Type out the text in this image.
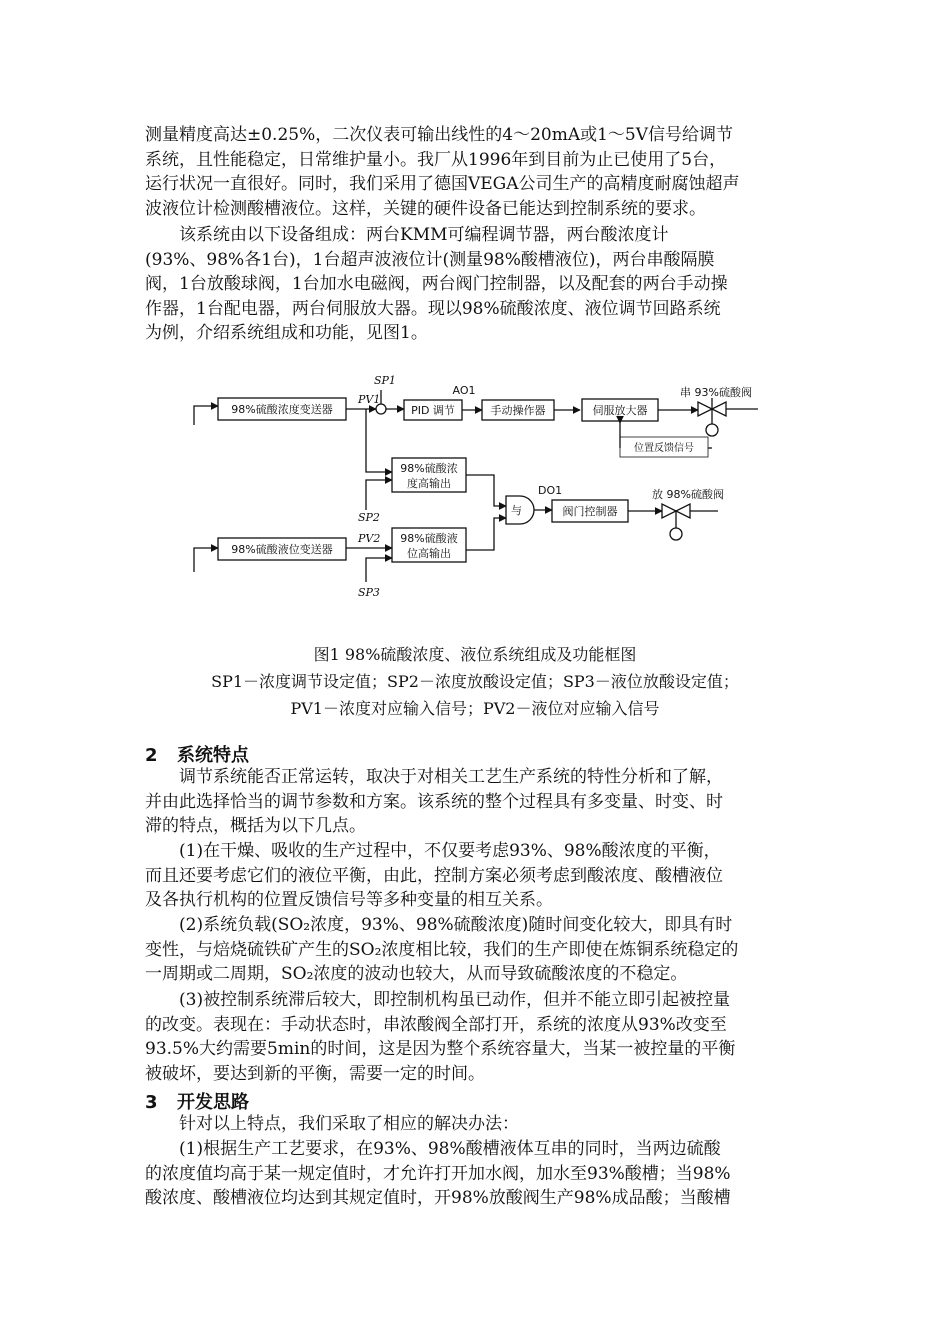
测量精度高达±0.25%，二次仪表可输出线性的4～20mA或1～5V信号给调节
系统，且性能稳定，日常维护量小。我厂从1996年到目前为止已使用了5台，
运行状况一直很好。同时，我们采用了德国VEGA公司生产的高精度耐腐蚀超声
波液位计检测酸槽液位。这样，关键的硬件设备已能达到控制系统的要求。

该系统由以下设备组成：两台KMM可编程调节器，两台酸浓度计
(93%、98%各1台)，1台超声波液位计(测量98%酸槽液位)，两台串酸隔膜
阀，1台放酸球阀，1台加水电磁阀，两台阀门控制器，以及配套的两台手动操
作器，1台配电器，两台伺服放大器。现以98%硫酸浓度、液位调节回路系统
为例，介绍系统组成和功能，见图1。

SP1
PV1
98%硫酸浓度变送器
AO1
PID 调节	手动操作器	伺服放大器
串 93%硫酸阀
位置反馈信号
98%硫酸浓
度高输出
SP2
与
DO1
阀门控制器
放 98%硫酸阀
98%硫酸液位变送器
PV2 98%硫酸液
位高输出
SP3
图1 98%硫酸浓度、液位系统组成及功能框图
SP1－浓度调节设定值；SP2－浓度放酸设定值；SP3－液位放酸设定值；
PV1－浓度对应输入信号；PV2－液位对应输入信号
2 系统特点

调节系统能否正常运转，取决于对相关工艺生产系统的特性分析和了解，
并由此选择恰当的调节参数和方案。该系统的整个过程具有多变量、时变、时
滞的特点，概括为以下几点。

(1)在干燥、吸收的生产过程中，不仅要考虑93%、98%酸浓度的平衡，
而且还要考虑它们的液位平衡，由此，控制方案必须考虑到酸浓度、酸槽液位
及各执行机构的位置反馈信号等多种变量的相互关系。

(2)系统负载(SO₂浓度，93%、98%硫酸浓度)随时间变化较大，即具有时
变性，与焙烧硫铁矿产生的SO₂浓度相比较，我们的生产即使在炼铜系统稳定的
一周期或二周期，SO₂浓度的波动也较大，从而导致硫酸浓度的不稳定。

(3)被控制系统滞后较大，即控制机构虽已动作，但并不能立即引起被控量
的改变。表现在：手动状态时，串浓酸阀全部打开，系统的浓度从93%改变至
93.5%大约需要5min的时间，这是因为整个系统容量大，当某一被控量的平衡
被破坏，要达到新的平衡，需要一定的时间。

3 开发思路

针对以上特点，我们采取了相应的解决办法：

(1)根据生产工艺要求，在93%、98%酸槽液体互串的同时，当两边硫酸
的浓度值均高于某一规定值时，才允许打开加水阀，加水至93%酸槽；当98%
酸浓度、酸槽液位均达到其规定值时，开98%放酸阀生产98%成品酸；当酸槽
